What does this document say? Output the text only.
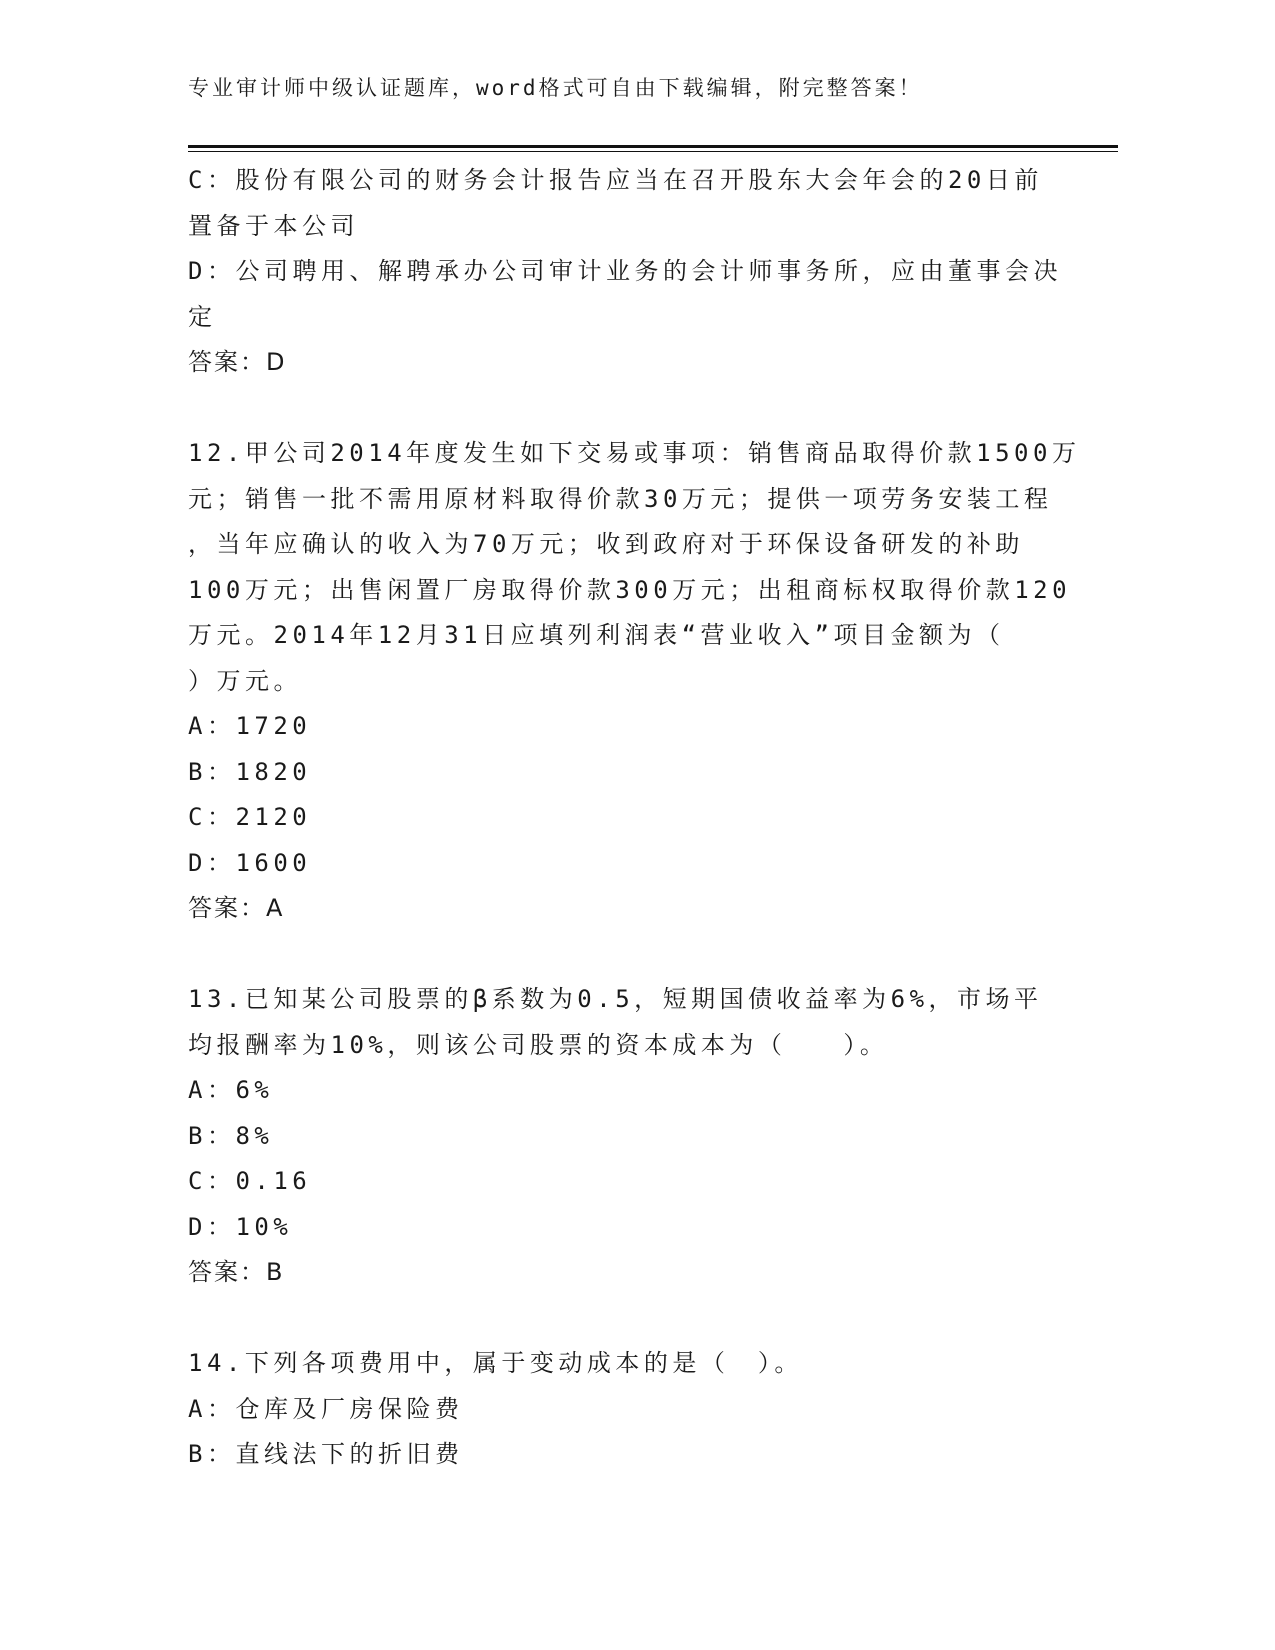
专业审计师中级认证题库，word格式可自由下载编辑，附完整答案！
C：股份有限公司的财务会计报告应当在召开股东大会年会的20日前
置备于本公司
D：公司聘用、解聘承办公司审计业务的会计师事务所，应由董事会决
定
答案：D
12.甲公司2014年度发生如下交易或事项：销售商品取得价款1500万
元；销售一批不需用原材料取得价款30万元；提供一项劳务安装工程
，当年应确认的收入为70万元；收到政府对于环保设备研发的补助
100万元；出售闲置厂房取得价款300万元；出租商标权取得价款120
万元。2014年12月31日应填列利润表“营业收入”项目金额为（
）万元。
A：1720
B：1820
C：2120
D：1600
答案：A
13.已知某公司股票的β系数为0.5，短期国债收益率为6%，市场平
均报酬率为10%，则该公司股票的资本成本为（　　）。
A：6%
B：8%
C：0.16
D：10%
答案：B
14.下列各项费用中，属于变动成本的是（　）。
A：仓库及厂房保险费
B：直线法下的折旧费
